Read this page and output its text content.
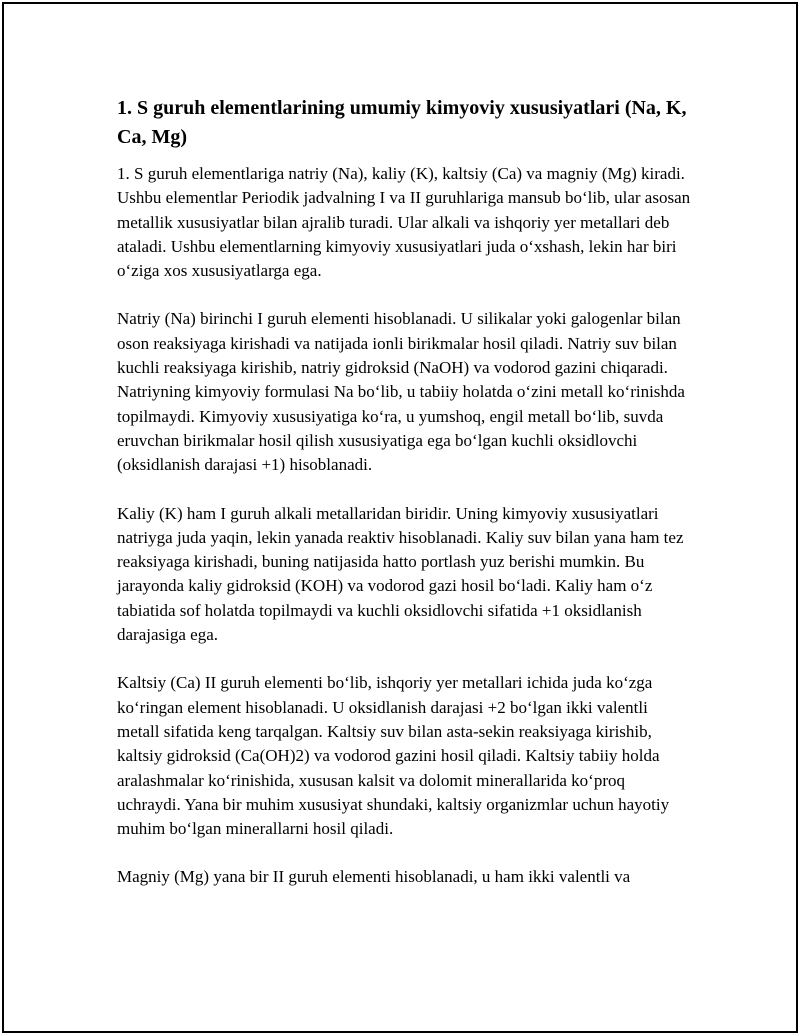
1. S guruh elementlarining umumiy kimyoviy xususiyatlari (Na, K, Ca, Mg)

1. S guruh elementlariga natriy (Na), kaliy (K), kaltsiy (Ca) va magniy (Mg) kiradi. Ushbu elementlar Periodik jadvalning I va II guruhlariga mansub bo‘lib, ular asosan metallik xususiyatlar bilan ajralib turadi. Ular alkali va ishqoriy yer metallari deb ataladi. Ushbu elementlarning kimyoviy xususiyatlari juda o‘xshash, lekin har biri o‘ziga xos xususiyatlarga ega.

Natriy (Na) birinchi I guruh elementi hisoblanadi. U silikalar yoki galogenlar bilan oson reaksiyaga kirishadi va natijada ionli birikmalar hosil qiladi. Natriy suv bilan kuchli reaksiyaga kirishib, natriy gidroksid (NaOH) va vodorod gazini chiqaradi. Natriyning kimyoviy formulasi Na bo‘lib, u tabiiy holatda o‘zini metall ko‘rinishda topilmaydi. Kimyoviy xususiyatiga ko‘ra, u yumshoq, engil metall bo‘lib, suvda eruvchan birikmalar hosil qilish xususiyatiga ega bo‘lgan kuchli oksidlovchi (oksidlanish darajasi +1) hisoblanadi.

Kaliy (K) ham I guruh alkali metallaridan biridir. Uning kimyoviy xususiyatlari natriyga juda yaqin, lekin yanada reaktiv hisoblanadi. Kaliy suv bilan yana ham tez reaksiyaga kirishadi, buning natijasida hatto portlash yuz berishi mumkin. Bu jarayonda kaliy gidroksid (KOH) va vodorod gazi hosil bo‘ladi. Kaliy ham o‘z tabiatida sof holatda topilmaydi va kuchli oksidlovchi sifatida +1 oksidlanish darajasiga ega.

Kaltsiy (Ca) II guruh elementi bo‘lib, ishqoriy yer metallari ichida juda ko‘zga ko‘ringan element hisoblanadi. U oksidlanish darajasi +2 bo‘lgan ikki valentli metall sifatida keng tarqalgan. Kaltsiy suv bilan asta-sekin reaksiyaga kirishib, kaltsiy gidroksid (Ca(OH)2) va vodorod gazini hosil qiladi. Kaltsiy tabiiy holda aralashmalar ko‘rinishida, xususan kalsit va dolomit minerallarida ko‘proq uchraydi. Yana bir muhim xususiyat shundaki, kaltsiy organizmlar uchun hayotiy muhim bo‘lgan minerallarni hosil qiladi.

Magniy (Mg) yana bir II guruh elementi hisoblanadi, u ham ikki valentli va
